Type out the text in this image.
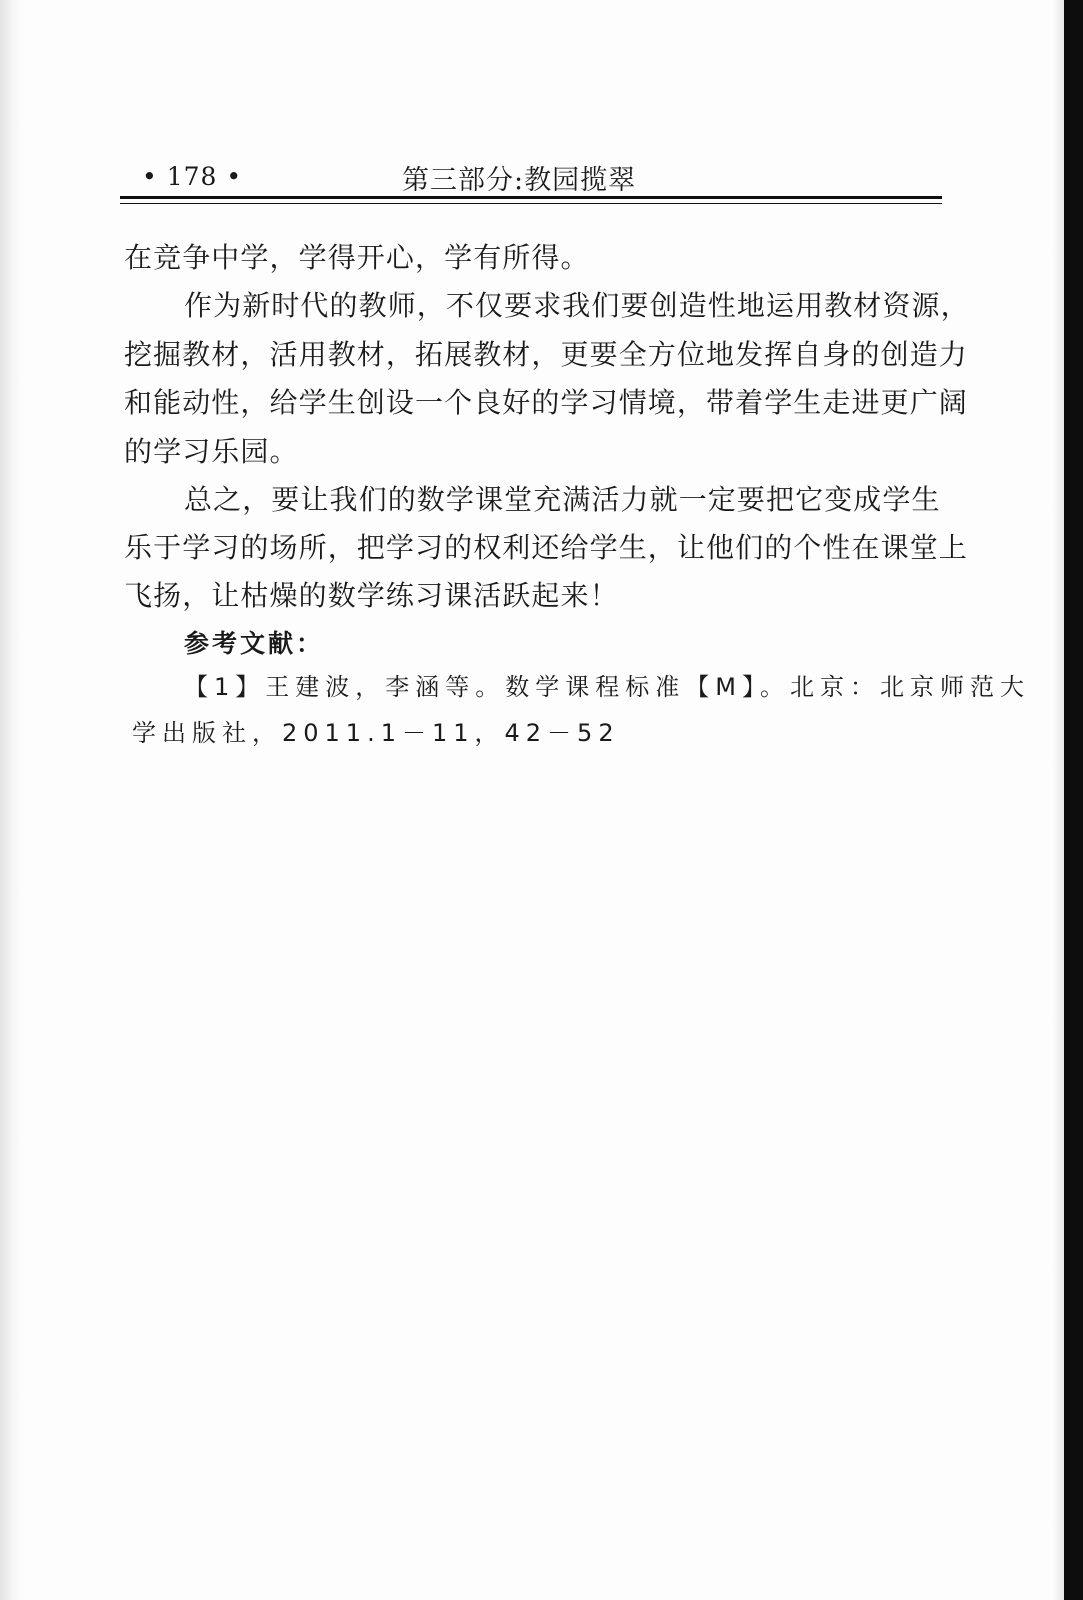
• 178 •	第三部分:教园揽翠
在竞争中学，学得开心，学有所得。
作为新时代的教师，不仅要求我们要创造性地运用教材资源，
挖掘教材，活用教材，拓展教材，更要全方位地发挥自身的创造力
和能动性，给学生创设一个良好的学习情境，带着学生走进更广阔
的学习乐园。
总之，要让我们的数学课堂充满活力就一定要把它变成学生
乐于学习的场所，把学习的权利还给学生，让他们的个性在课堂上
飞扬，让枯燥的数学练习课活跃起来！
参考文献：
【1】王建波，李涵等。数学课程标准【M】。北京：北京师范大
学出版社，2011.1－11，42－52
